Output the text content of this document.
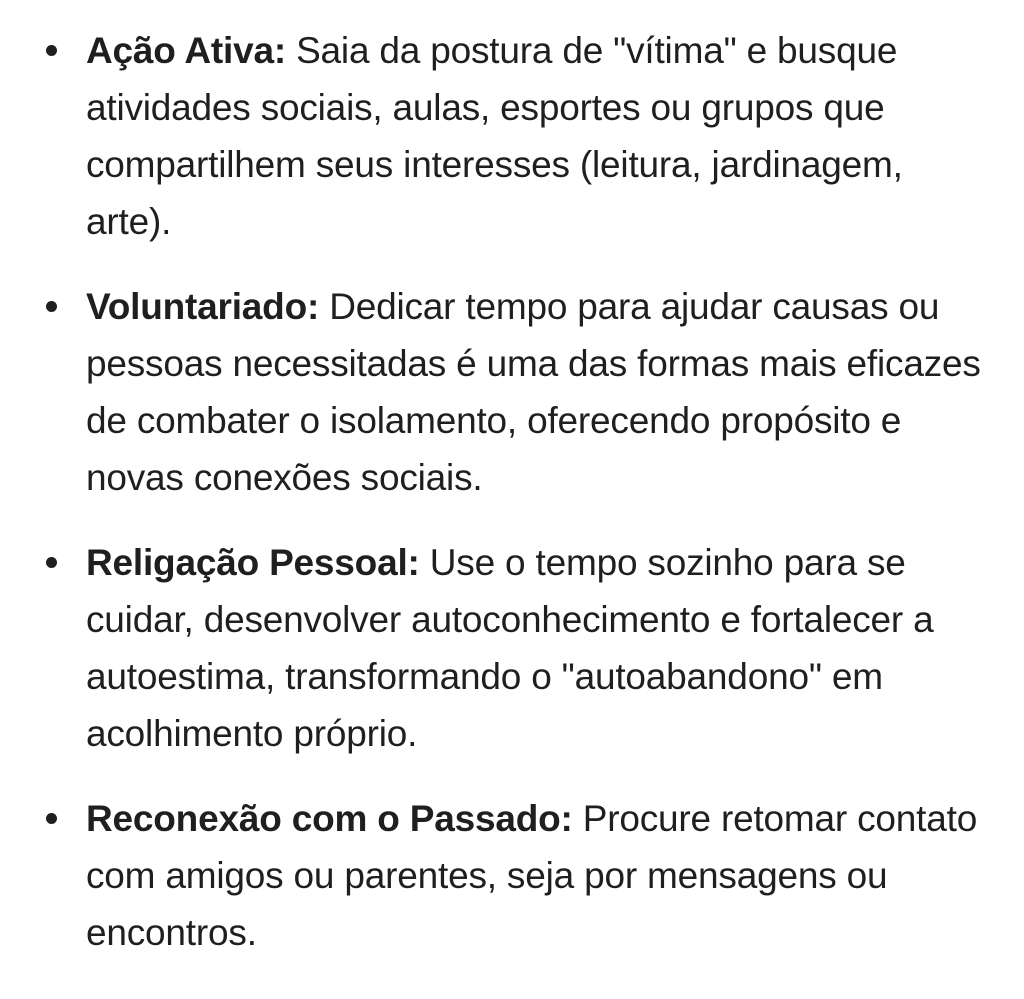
Ação Ativa: Saia da postura de "vítima" e busque atividades sociais, aulas, esportes ou grupos que compartilhem seus interesses (leitura, jardinagem, arte).
Voluntariado: Dedicar tempo para ajudar causas ou pessoas necessitadas é uma das formas mais eficazes de combater o isolamento, oferecendo propósito e novas conexões sociais.
Religação Pessoal: Use o tempo sozinho para se cuidar, desenvolver autoconhecimento e fortalecer a autoestima, transformando o "autoabandono" em acolhimento próprio.
Reconexão com o Passado: Procure retomar contato com amigos ou parentes, seja por mensagens ou encontros.
